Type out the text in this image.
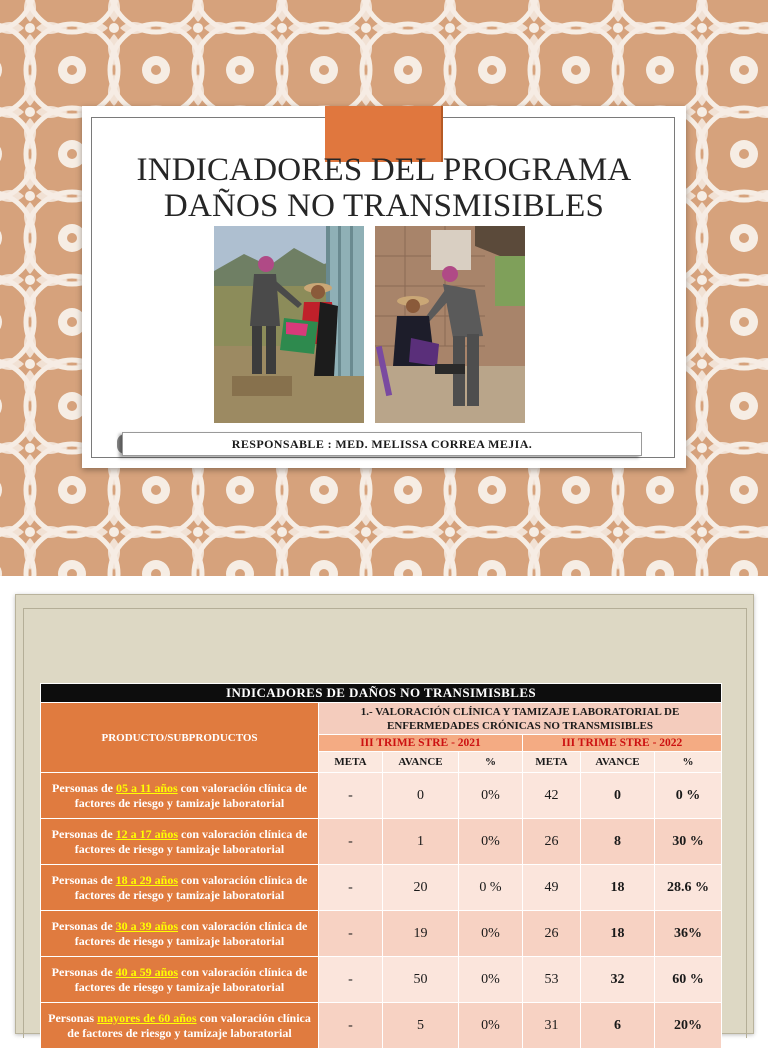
INDICADORES DEL PROGRAMA
DAÑOS NO TRANSMISIBLES
RESPONSABLE : MED. MELISSA CORREA MEJIA.
INDICADORES DE DAÑOS NO TRANSIMISBLES						
PRODUCTO/SUBPRODUCTOS	1.- VALORACIÓN CLÍNICA Y TAMIZAJE LABORATORIAL DE ENFERMEDADES CRÓNICAS NO TRANSMISIBLES					
	III TRIME STRE - 2021			III TRIME STRE - 2022		
	META	AVANCE	%	META	AVANCE	%
Personas de 05 a 11 años con valoración clínica de factores de riesgo y tamizaje laboratorial	-	0	0%	42	0	0 %
Personas de 12 a 17 años con valoración clínica de factores de riesgo y tamizaje laboratorial	-	1	0%	26	8	30 %
Personas de 18 a 29 años con valoración clínica de factores de riesgo y tamizaje laboratorial	-	20	0 %	49	18	28.6 %
Personas de 30 a 39 años con valoración clínica de factores de riesgo y tamizaje laboratorial	-	19	0%	26	18	36%
Personas de 40 a 59 años con valoración clínica de factores de riesgo y tamizaje laboratorial	-	50	0%	53	32	60 %
Personas mayores de 60 años con valoración clínica de factores de riesgo y tamizaje laboratorial	-	5	0%	31	6	20%
